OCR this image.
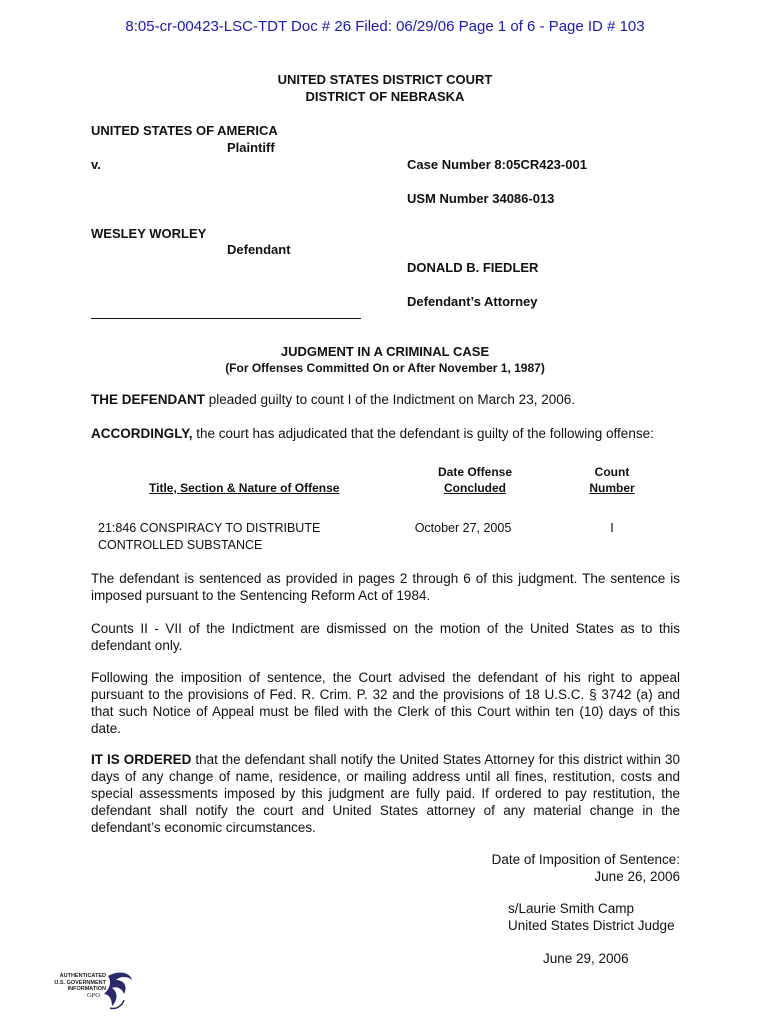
8:05-cr-00423-LSC-TDT Doc # 26 Filed: 06/29/06 Page 1 of 6 - Page ID # 103
UNITED STATES DISTRICT COURT
DISTRICT OF NEBRASKA
UNITED STATES OF AMERICA
Plaintiff
v.	Case Number 8:05CR423-001
USM Number 34086-013
WESLEY WORLEY
Defendant
DONALD B. FIEDLER
Defendant’s Attorney
JUDGMENT IN A CRIMINAL CASE
(For Offenses Committed On or After November 1, 1987)
THE DEFENDANT pleaded guilty to count I of the Indictment on March 23, 2006.
ACCORDINGLY, the court has adjudicated that the defendant is guilty of the following offense:
Title, Section & Nature of Offense
Date Offense
Concluded
Count
Number
21:846 CONSPIRACY TO DISTRIBUTE
CONTROLLED SUBSTANCE
October 27, 2005	I
The defendant is sentenced as provided in pages 2 through 6 of this judgment. The sentence is imposed pursuant to the Sentencing Reform Act of 1984.
Counts II - VII of the Indictment are dismissed on the motion of the United States as to this defendant only.
Following the imposition of sentence, the Court advised the defendant of his right to appeal pursuant to the provisions of Fed. R. Crim. P. 32 and the provisions of 18 U.S.C. § 3742 (a) and that such Notice of Appeal must be filed with the Clerk of this Court within ten (10) days of this date.
IT IS ORDERED that the defendant shall notify the United States Attorney for this district within 30 days of any change of name, residence, or mailing address until all fines, restitution, costs and special assessments imposed by this judgment are fully paid. If ordered to pay restitution, the defendant shall notify the court and United States attorney of any material change in the defendant’s economic circumstances.
Date of Imposition of Sentence:
June 26, 2006
s/Laurie Smith Camp
United States District Judge
June 29, 2006
AUTHENTICATED
U.S. GOVERNMENT
INFORMATION
GPO
